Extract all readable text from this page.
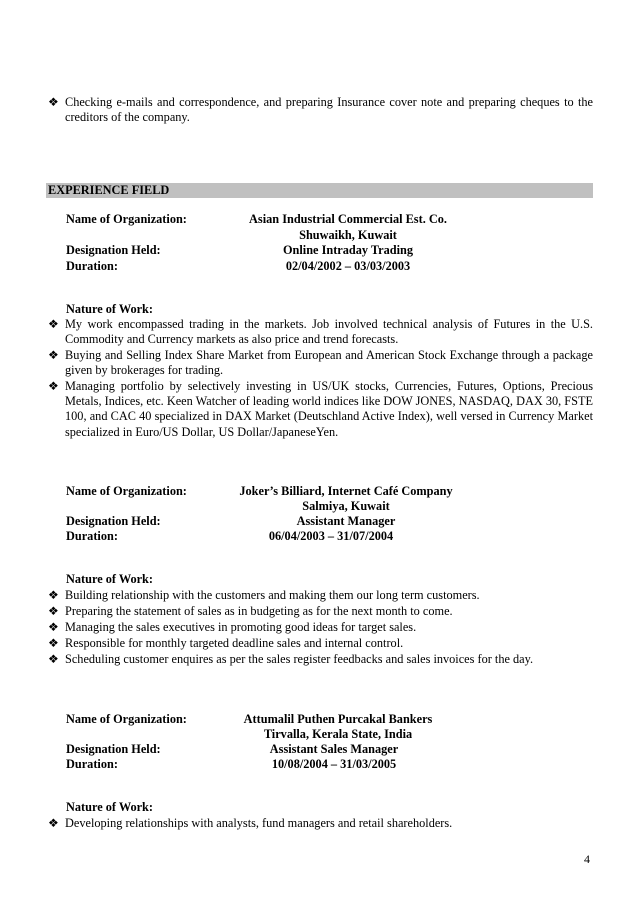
❖ Checking e-mails and correspondence, and preparing Insurance cover note and preparing cheques to the creditors of the company.
EXPERIENCE FIELD
Name of Organization:	Asian Industrial Commercial Est. Co.
Shuwaikh, Kuwait
Designation Held:	Online Intraday Trading
Duration:	02/04/2002 – 03/03/2003
Nature of Work:
❖ My work encompassed trading in the markets. Job involved technical analysis of Futures in the U.S. Commodity and Currency markets as also price and trend forecasts.
❖ Buying and Selling Index Share Market from European and American Stock Exchange through a package given by brokerages for trading.
❖ Managing portfolio by selectively investing in US/UK stocks, Currencies, Futures, Options, Precious Metals, Indices, etc. Keen Watcher of leading world indices like DOW JONES, NASDAQ, DAX 30, FSTE 100, and CAC 40 specialized in DAX Market (Deutschland Active Index), well versed in Currency Market specialized in Euro/US Dollar, US Dollar/JapaneseYen.
Name of Organization:	Joker’s Billiard, Internet Café Company
Salmiya, Kuwait
Designation Held:	Assistant Manager
Duration:	06/04/2003 – 31/07/2004
Nature of Work:
❖ Building relationship with the customers and making them our long term customers.
❖ Preparing the statement of sales as in budgeting as for the next month to come.
❖ Managing the sales executives in promoting good ideas for target sales.
❖ Responsible for monthly targeted deadline sales and internal control.
❖ Scheduling customer enquires as per the sales register feedbacks and sales invoices for the day.
Name of Organization:	Attumalil Puthen Purcakal Bankers
Tirvalla, Kerala State, India
Designation Held:	Assistant Sales Manager
Duration:	10/08/2004 – 31/03/2005
Nature of Work:
❖ Developing relationships with analysts, fund managers and retail shareholders.
4
